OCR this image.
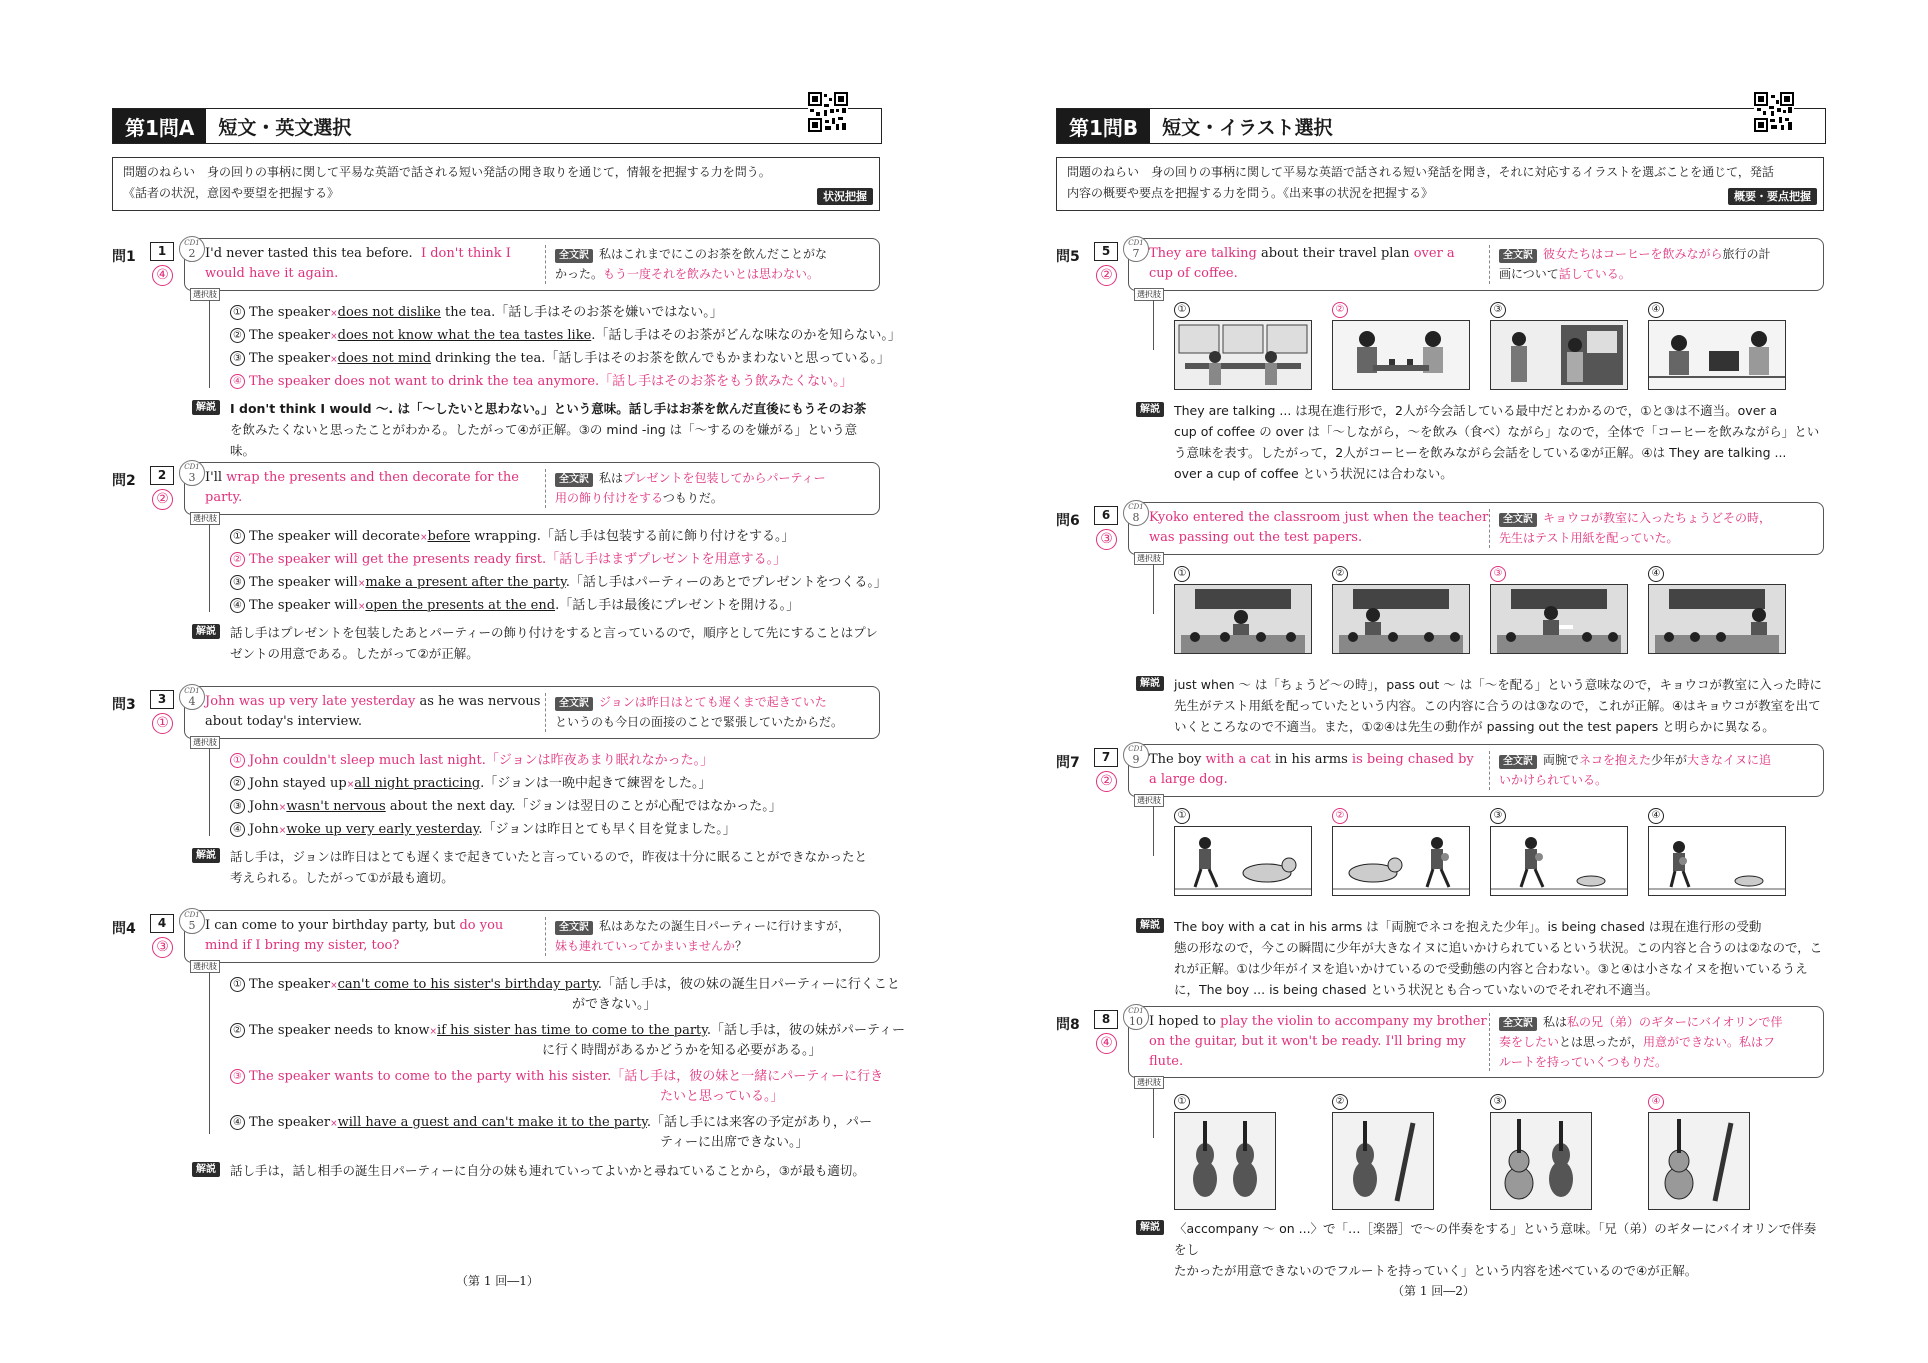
第1問A	短文・英文選択
問題のねらい　身の回りの事柄に関して平易な英語で話される短い発話の聞き取りを通じて，情報を把握する力を問う。
《話者の状況，意図や要望を把握する》	状況把握
問1	1
④
CD1
2 I'd never tasted this tea before. I don't think I
would have it again.
全文訳 私はこれまでにこのお茶を飲んだことがな
かった。もう一度それを飲みたいとは思わない。
選択肢
① The speaker×does not dislike the tea.「話し手はそのお茶を嫌いではない。」
② The speaker×does not know what the tea tastes like.「話し手はそのお茶がどんな味なのかを知らない。」
③ The speaker×does not mind drinking the tea.「話し手はそのお茶を飲んでもかまわないと思っている。」
④ The speaker does not want to drink the tea anymore.「話し手はそのお茶をもう飲みたくない。」
解説	I don't think I would ～. は「～したいと思わない。」という意味。話し手はお茶を飲んだ直後にもうそのお茶
を飲みたくないと思ったことがわかる。したがって④が正解。③の mind -ing は「～するのを嫌がる」という意味。
問2	2
②
CD1
3 I'll wrap the presents and then decorate for the
party.
全文訳 私はプレゼントを包装してからパーティー
用の飾り付けをするつもりだ。
選択肢
① The speaker will decorate×before wrapping.「話し手は包装する前に飾り付けをする。」
② The speaker will get the presents ready first.「話し手はまずプレゼントを用意する。」
③ The speaker will×make a present after the party.「話し手はパーティーのあとでプレゼントをつくる。」
④ The speaker will×open the presents at the end.「話し手は最後にプレゼントを開ける。」
解説	話し手はプレゼントを包装したあとパーティーの飾り付けをすると言っているので，順序として先にすることはプレ
ゼントの用意である。したがって②が正解。
問3	3
①
CD1
4 John was up very late yesterday as he was nervous
about today's interview.
全文訳 ジョンは昨日はとても遅くまで起きていた
というのも今日の面接のことで緊張していたからだ。
選択肢
① John couldn't sleep much last night.「ジョンは昨夜あまり眠れなかった。」
② John stayed up×all night practicing.「ジョンは一晩中起きて練習をした。」
③ John×wasn't nervous about the next day.「ジョンは翌日のことが心配ではなかった。」
④ John×woke up very early yesterday.「ジョンは昨日とても早く目を覚ました。」
解説	話し手は，ジョンは昨日はとても遅くまで起きていたと言っているので，昨夜は十分に眠ることができなかったと
考えられる。したがって①が最も適切。
問4	4
③
CD1
5 I can come to your birthday party, but do you
mind if I bring my sister, too?
全文訳 私はあなたの誕生日パーティーに行けますが，
妹も連れていってかまいませんか？
選択肢
① The speaker×can't come to his sister's birthday party.「話し手は，彼の妹の誕生日パーティーに行くこと
ができない。」
② The speaker needs to know×if his sister has time to come to the party.「話し手は，彼の妹がパーティー
に行く時間があるかどうかを知る必要がある。」
③ The speaker wants to come to the party with his sister.「話し手は，彼の妹と一緒にパーティーに行き
たいと思っている。」
④ The speaker×will have a guest and can't make it to the party.「話し手には来客の予定があり，パー
ティーに出席できない。」
解説	話し手は，話し相手の誕生日パーティーに自分の妹も連れていってよいかと尋ねていることから，③が最も適切。
（第 1 回―1）
第1問B	短文・イラスト選択
問題のねらい　身の回りの事柄に関して平易な英語で話される短い発話を聞き，それに対応するイラストを選ぶことを通じて，発話
内容の概要や要点を把握する力を問う。《出来事の状況を把握する》	概要・要点把握
問5	5
②
CD1
7 They are talking about their travel plan over a
cup of coffee.
全文訳 彼女たちはコーヒーを飲みながら旅行の計
画について話している。
選択肢
①	②	③	④
解説	They are talking ... は現在進行形で，2人が今会話している最中だとわかるので，①と③は不適当。over a
cup of coffee の over は「～しながら，～を飲み（食べ）ながら」なので，全体で「コーヒーを飲みながら」とい
う意味を表す。したがって，2人がコーヒーを飲みながら会話をしている②が正解。④は They are talking ...
over a cup of coffee という状況には合わない。
問6	6
③
CD1
8 Kyoko entered the classroom just when the teacher
was passing out the test papers.
全文訳 キョウコが教室に入ったちょうどその時，
先生はテスト用紙を配っていた。
選択肢
①	②	③	④
解説	just when ～ は「ちょうど～の時」，pass out ～ は「～を配る」という意味なので，キョウコが教室に入った時に
先生がテスト用紙を配っていたという内容。この内容に合うのは③なので，これが正解。④はキョウコが教室を出て
いくところなので不適当。また，①②④は先生の動作が passing out the test papers と明らかに異なる。
問7	7
②
CD1
9 The boy with a cat in his arms is being chased by
a large dog.
全文訳 両腕でネコを抱えた少年が大きなイヌに追
いかけられている。
選択肢
①	②	③	④
解説	The boy with a cat in his arms は「両腕でネコを抱えた少年」。is being chased は現在進行形の受動
態の形なので，今この瞬間に少年が大きなイヌに追いかけられているという状況。この内容と合うのは②なので，こ
れが正解。①は少年がイヌを追いかけているので受動態の内容と合わない。③と④は小さなイヌを抱いているうえ
に，The boy ... is being chased という状況とも合っていないのでそれぞれ不適当。
問8	8
④
CD1
10 I hoped to play the violin to accompany my brother
on the guitar, but it won't be ready. I'll bring my
flute.
全文訳 私は私の兄（弟）のギターにバイオリンで伴
奏をしたいとは思ったが，用意ができない。私はフ
ルートを持っていくつもりだ。
選択肢
①	②	③	④
解説	〈accompany ～ on ...〉で「…［楽器］で～の伴奏をする」という意味。「兄（弟）のギターにバイオリンで伴奏をし
たかったが用意できないのでフルートを持っていく」という内容を述べているので④が正解。
（第 1 回―2）
